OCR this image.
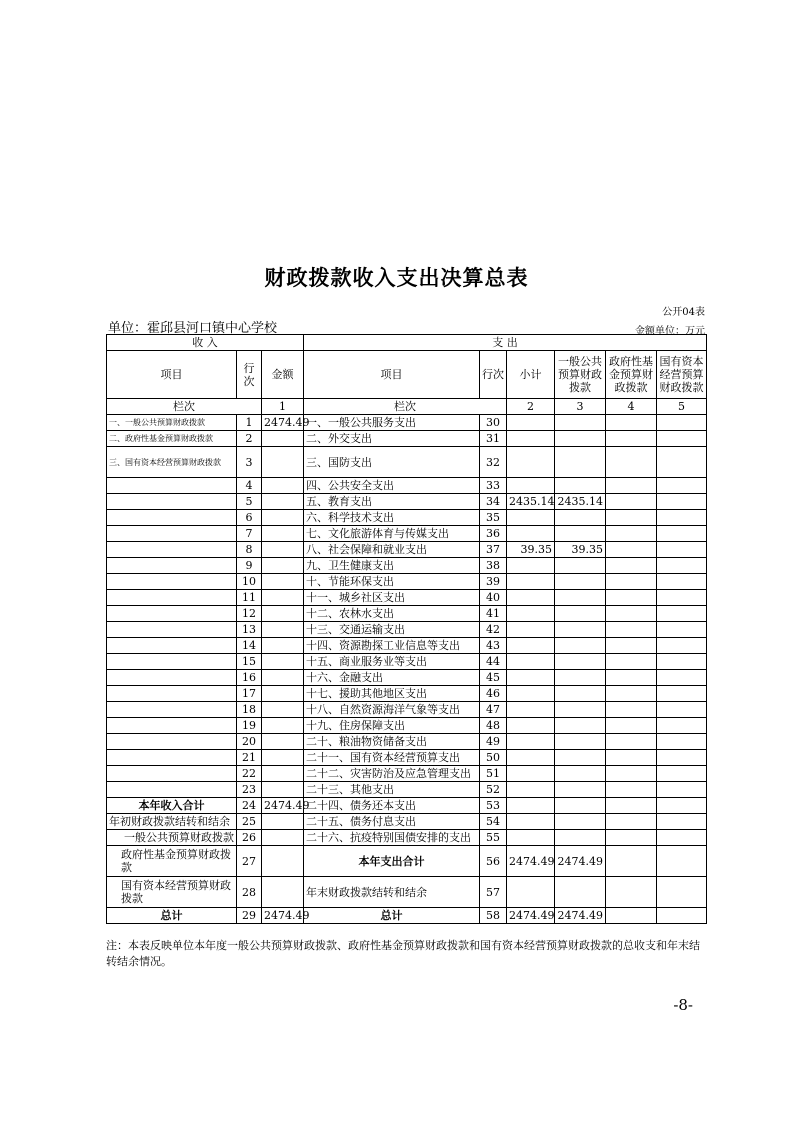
财政拨款收入支出决算总表
公开04表
单位：霍邱县河口镇中心学校	金额单位：万元
收 入			支 出					
项目	行次	金额	项目	行次	小计	一般公共预算财政拨款	政府性基金预算财政拨款	国有资本经营预算财政拨款
栏次		1	栏次		2	3	4	5
一、一般公共预算财政拨款	1	2474.49	一、一般公共服务支出	30				
二、政府性基金预算财政拨款	2		二、外交支出	31				
三、国有资本经营预算财政拨款	3		三、国防支出	32				
	4		四、公共安全支出	33				
	5		五、教育支出	34	2435.14	2435.14		
	6		六、科学技术支出	35				
	7		七、文化旅游体育与传媒支出	36				
	8		八、社会保障和就业支出	37	39.35	39.35		
	9		九、卫生健康支出	38				
	10		十、节能环保支出	39				
	11		十一、城乡社区支出	40				
	12		十二、农林水支出	41				
	13		十三、交通运输支出	42				
	14		十四、资源勘探工业信息等支出	43				
	15		十五、商业服务业等支出	44				
	16		十六、金融支出	45				
	17		十七、援助其他地区支出	46				
	18		十八、自然资源海洋气象等支出	47				
	19		十九、住房保障支出	48				
	20		二十、粮油物资储备支出	49				
	21		二十一、国有资本经营预算支出	50				
	22		二十二、灾害防治及应急管理支出	51				
	23		二十三、其他支出	52				
本年收入合计	24	2474.49	二十四、债务还本支出	53				
年初财政拨款结转和结余	25		二十五、债务付息支出	54				
一般公共预算财政拨款	26		二十六、抗疫特别国债安排的支出	55				
政府性基金预算财政拨款	27		本年支出合计	56	2474.49	2474.49		
国有资本经营预算财政拨款	28		年末财政拨款结转和结余	57				
总计	29	2474.49	总计	58	2474.49	2474.49		
注：本表反映单位本年度一般公共预算财政拨款、政府性基金预算财政拨款和国有资本经营预算财政拨款的总收支和年末结转结余情况。
-8-
